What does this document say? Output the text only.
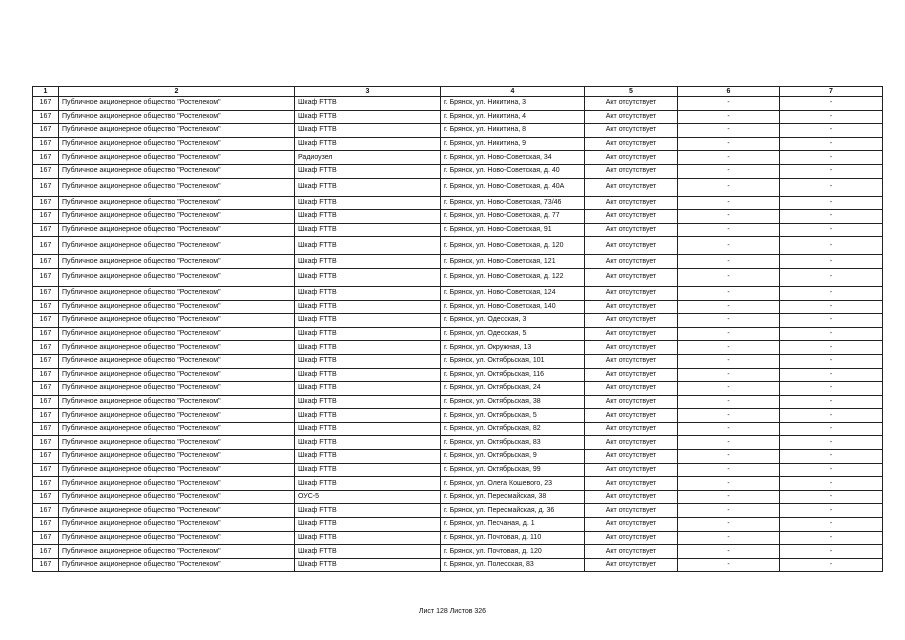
1	2	3	4	5	6	7
167	Публичное акционерное общество "Ростелеком"	Шкаф FTTB	г. Брянск, ул. Никитина, 3	Акт отсутствует	-	-
167	Публичное акционерное общество "Ростелеком"	Шкаф FTTB	г. Брянск, ул. Никитина, 4	Акт отсутствует	-	-
167	Публичное акционерное общество "Ростелеком"	Шкаф FTTB	г. Брянск, ул. Никитина, 8	Акт отсутствует	-	-
167	Публичное акционерное общество "Ростелеком"	Шкаф FTTB	г. Брянск, ул. Никитина, 9	Акт отсутствует	-	-
167	Публичное акционерное общество "Ростелеком"	Радиоузел	г. Брянск, ул. Ново-Советская, 34	Акт отсутствует	-	-
167	Публичное акционерное общество "Ростелеком"	Шкаф FTTB	г. Брянск, ул. Ново-Советская, д. 40	Акт отсутствует	-	-
167	Публичное акционерное общество "Ростелеком"	Шкаф FTTB	г. Брянск, ул. Ново-Советская, д. 40А	Акт отсутствует	-	-
167	Публичное акционерное общество "Ростелеком"	Шкаф FTTB	г. Брянск, ул. Ново-Советская, 73/46	Акт отсутствует	-	-
167	Публичное акционерное общество "Ростелеком"	Шкаф FTTB	г. Брянск, ул. Ново-Советская, д. 77	Акт отсутствует	-	-
167	Публичное акционерное общество "Ростелеком"	Шкаф FTTB	г. Брянск, ул. Ново-Советская, 91	Акт отсутствует	-	-
167	Публичное акционерное общество "Ростелеком"	Шкаф FTTB	г. Брянск, ул. Ново-Советская, д. 120	Акт отсутствует	-	-
167	Публичное акционерное общество "Ростелеком"	Шкаф FTTB	г. Брянск, ул. Ново-Советская, 121	Акт отсутствует	-	-
167	Публичное акционерное общество "Ростелеком"	Шкаф FTTB	г. Брянск, ул. Ново-Советская, д. 122	Акт отсутствует	-	-
167	Публичное акционерное общество "Ростелеком"	Шкаф FTTB	г. Брянск, ул. Ново-Советская, 124	Акт отсутствует	-	-
167	Публичное акционерное общество "Ростелеком"	Шкаф FTTB	г. Брянск, ул. Ново-Советская, 140	Акт отсутствует	-	-
167	Публичное акционерное общество "Ростелеком"	Шкаф FTTB	г. Брянск, ул. Одесская, 3	Акт отсутствует	-	-
167	Публичное акционерное общество "Ростелеком"	Шкаф FTTB	г. Брянск, ул. Одесская, 5	Акт отсутствует	-	-
167	Публичное акционерное общество "Ростелеком"	Шкаф FTTB	г. Брянск, ул. Окружная, 13	Акт отсутствует	-	-
167	Публичное акционерное общество "Ростелеком"	Шкаф FTTB	г. Брянск, ул. Октябрьская, 101	Акт отсутствует	-	-
167	Публичное акционерное общество "Ростелеком"	Шкаф FTTB	г. Брянск, ул. Октябрьская, 116	Акт отсутствует	-	-
167	Публичное акционерное общество "Ростелеком"	Шкаф FTTB	г. Брянск, ул. Октябрьская, 24	Акт отсутствует	-	-
167	Публичное акционерное общество "Ростелеком"	Шкаф FTTB	г. Брянск, ул. Октябрьская, 38	Акт отсутствует	-	-
167	Публичное акционерное общество "Ростелеком"	Шкаф FTTB	г. Брянск, ул. Октябрьская, 5	Акт отсутствует	-	-
167	Публичное акционерное общество "Ростелеком"	Шкаф FTTB	г. Брянск, ул. Октябрьская, 82	Акт отсутствует	-	-
167	Публичное акционерное общество "Ростелеком"	Шкаф FTTB	г. Брянск, ул. Октябрьская, 83	Акт отсутствует	-	-
167	Публичное акционерное общество "Ростелеком"	Шкаф FTTB	г. Брянск, ул. Октябрьская, 9	Акт отсутствует	-	-
167	Публичное акционерное общество "Ростелеком"	Шкаф FTTB	г. Брянск, ул. Октябрьская, 99	Акт отсутствует	-	-
167	Публичное акционерное общество "Ростелеком"	Шкаф FTTB	г. Брянск, ул. Олега Кошевого, 23	Акт отсутствует	-	-
167	Публичное акционерное общество "Ростелеком"	ОУС-5	г. Брянск, ул. Пересмайская, 38	Акт отсутствует	-	-
167	Публичное акционерное общество "Ростелеком"	Шкаф FTTB	г. Брянск, ул. Пересмайская, д. 36	Акт отсутствует	-	-
167	Публичное акционерное общество "Ростелеком"	Шкаф FTTB	г. Брянск, ул. Песчаная, д. 1	Акт отсутствует	-	-
167	Публичное акционерное общество "Ростелеком"	Шкаф FTTB	г. Брянск, ул. Почтовая, д. 110	Акт отсутствует	-	-
167	Публичное акционерное общество "Ростелеком"	Шкаф FTTB	г. Брянск, ул. Почтовая, д. 120	Акт отсутствует	-	-
167	Публичное акционерное общество "Ростелеком"	Шкаф FTTB	г. Брянск, ул. Полесская, 83	Акт отсутствует	-	-
Лист 128 Листов 326
